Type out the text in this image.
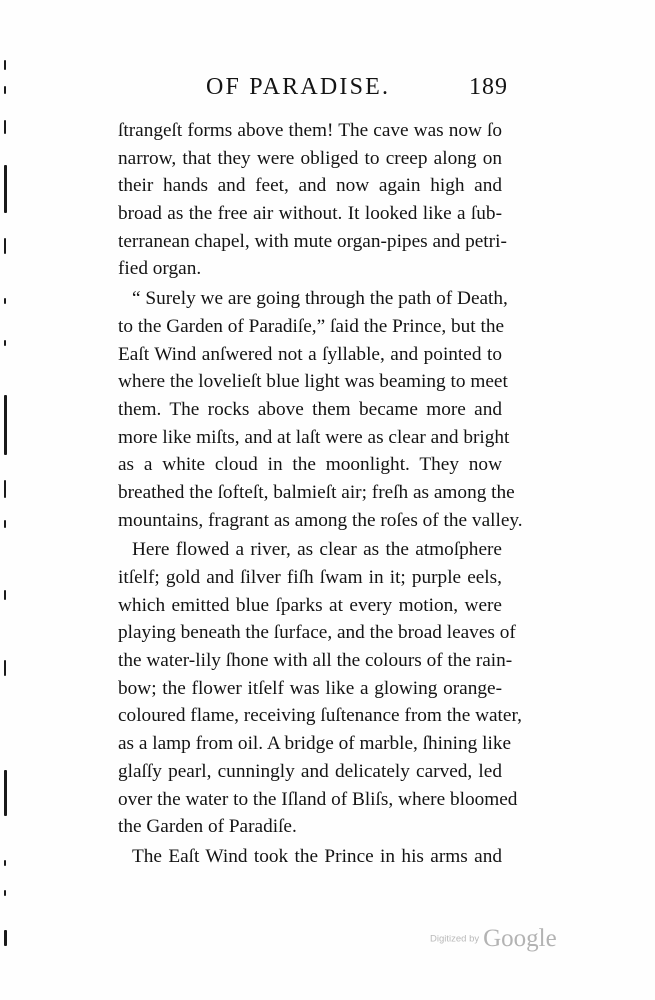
OF PARADISE.	189

ſtrangeſt forms above them! The cave was now ſo
narrow, that they were obliged to creep along on
their hands and feet, and now again high and
broad as the free air without. It looked like a ſub-
terranean chapel, with mute organ-pipes and petri-
fied organ.

“ Surely we are going through the path of Death,
to the Garden of Paradiſe,” ſaid the Prince, but the
Eaſt Wind anſwered not a ſyllable, and pointed to
where the lovelieſt blue light was beaming to meet
them. The rocks above them became more and
more like miſts, and at laſt were as clear and bright
as a white cloud in the moonlight. They now
breathed the ſofteſt, balmieſt air; freſh as among the
mountains, fragrant as among the roſes of the valley.

Here flowed a river, as clear as the atmoſphere
itſelf; gold and ſilver fiſh ſwam in it; purple eels,
which emitted blue ſparks at every motion, were
playing beneath the ſurface, and the broad leaves of
the water-lily ſhone with all the colours of the rain-
bow; the flower itſelf was like a glowing orange-
coloured flame, receiving ſuſtenance from the water,
as a lamp from oil. A bridge of marble, ſhining like
glaſſy pearl, cunningly and delicately carved, led
over the water to the Iſland of Bliſs, where bloomed
the Garden of Paradiſe.

The Eaſt Wind took the Prince in his arms and

Digitized by Google
